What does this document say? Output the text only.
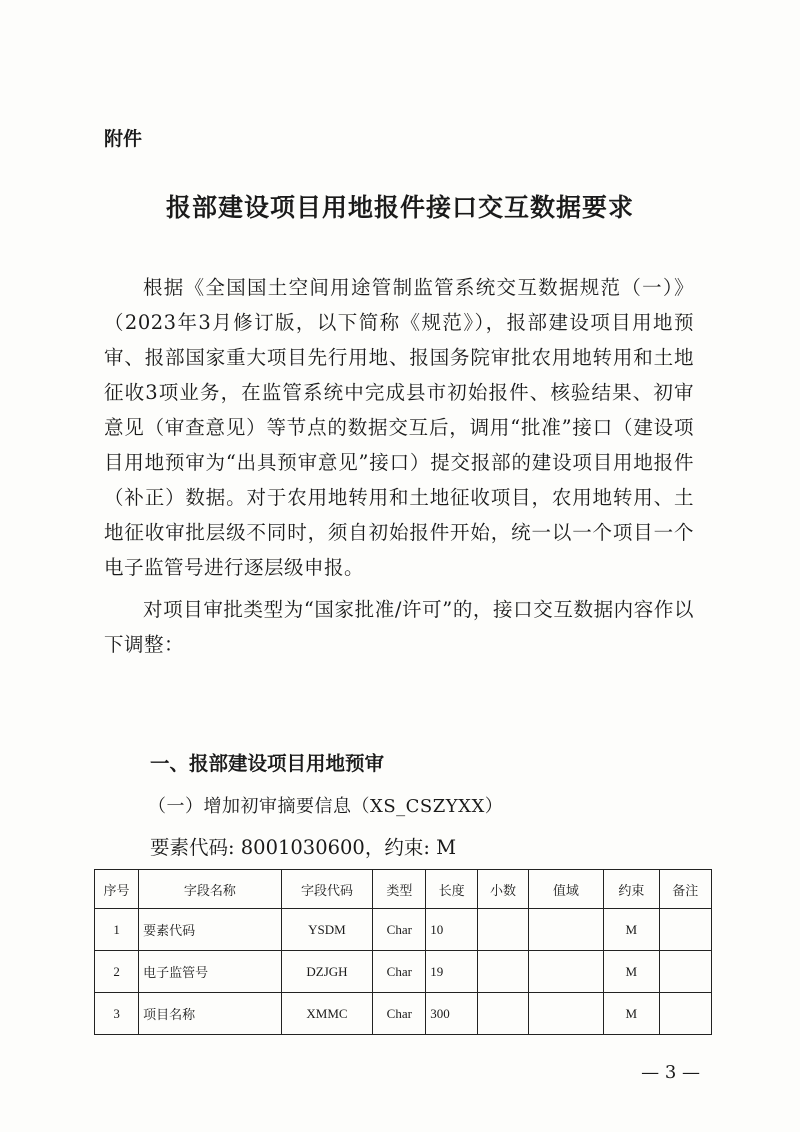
附件
报部建设项目用地报件接口交互数据要求

根据《全国国土空间用途管制监管系统交互数据规范（一）》（2023年3月修订版，以下简称《规范》），报部建设项目用地预审、报部国家重大项目先行用地、报国务院审批农用地转用和土地征收3项业务，在监管系统中完成县市初始报件、核验结果、初审意见（审查意见）等节点的数据交互后，调用“批准”接口（建设项目用地预审为“出具预审意见”接口）提交报部的建设项目用地报件（补正）数据。对于农用地转用和土地征收项目，农用地转用、土地征收审批层级不同时，须自初始报件开始，统一以一个项目一个电子监管号进行逐层级申报。

对项目审批类型为“国家批准/许可”的，接口交互数据内容作以下调整：

一、报部建设项目用地预审
（一）增加初审摘要信息（XS_CSZYXX）
要素代码: 8001030600，约束: M
序号	字段名称	字段代码	类型	长度	小数	值域	约束	备注
1	要素代码	YSDM	Char	10			M	
2	电子监管号	DZJGH	Char	19			M	
3	项目名称	XMMC	Char	300			M	
— 3 —
